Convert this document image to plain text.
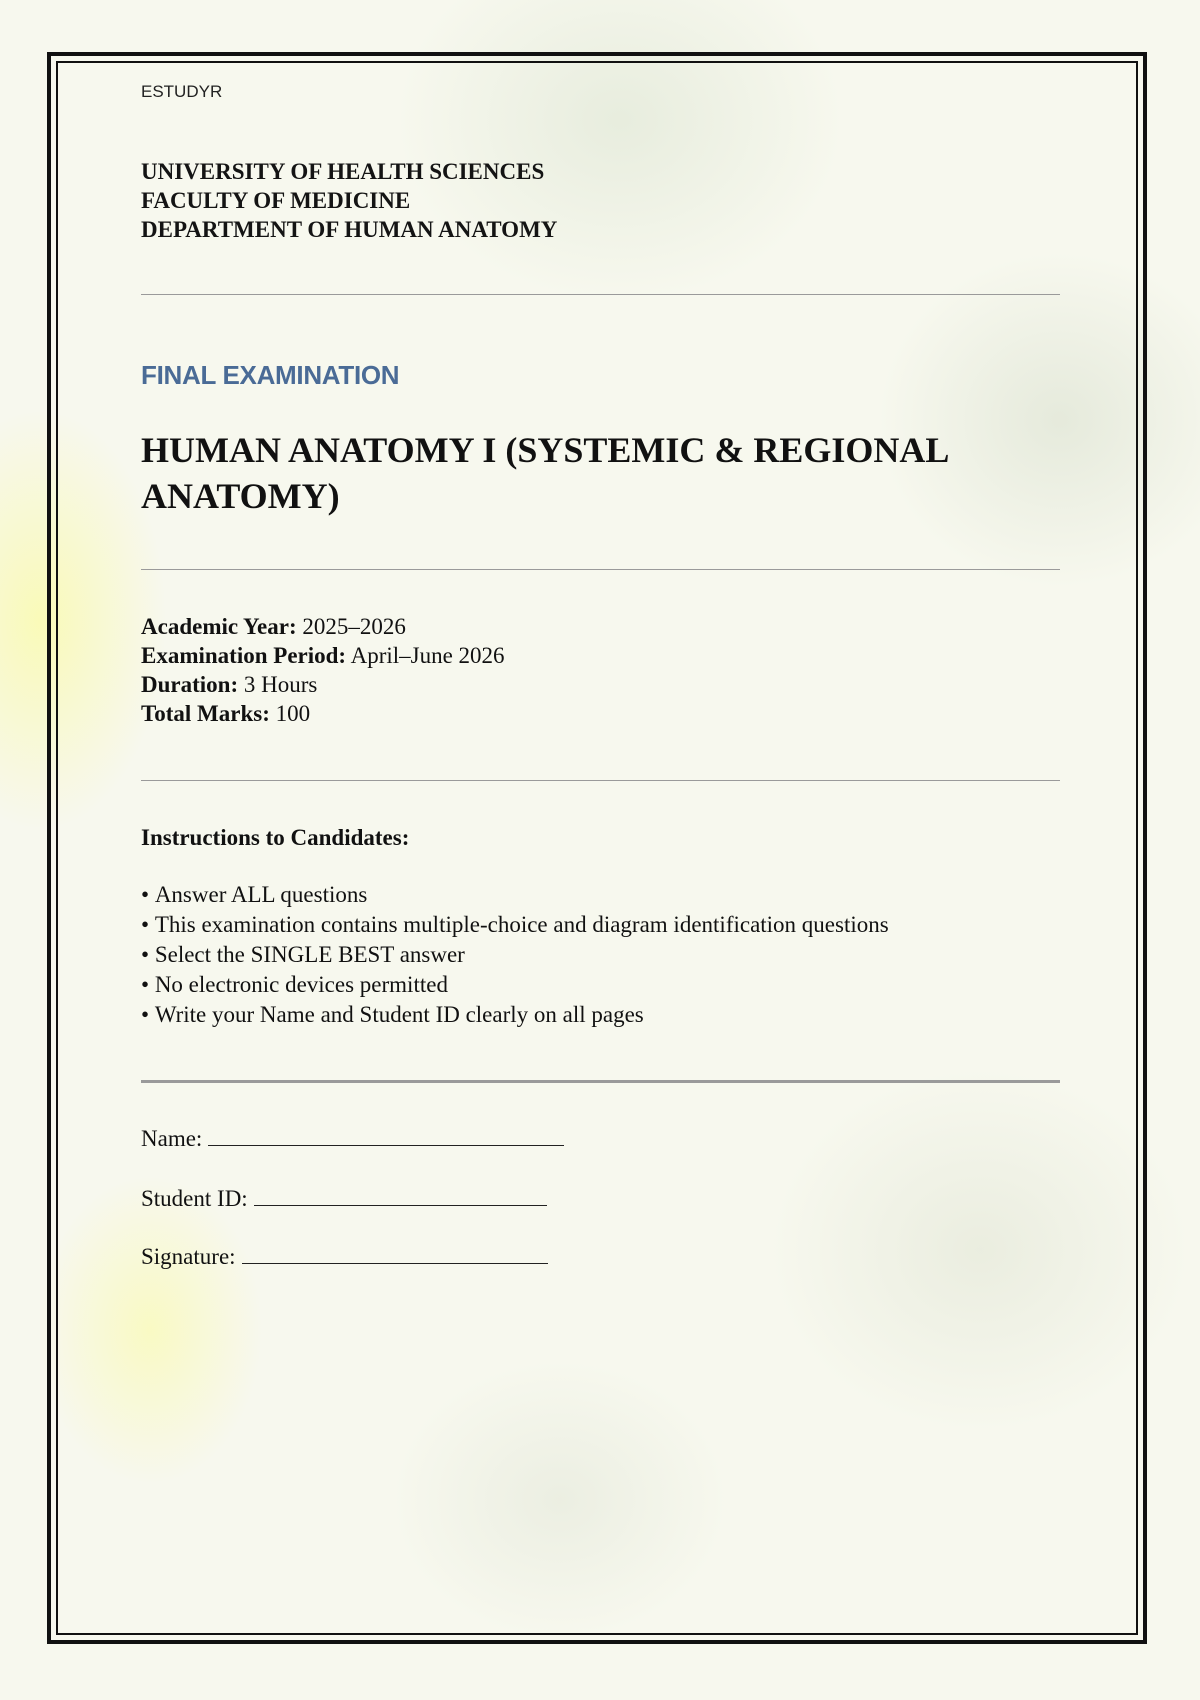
ESTUDYR

UNIVERSITY OF HEALTH SCIENCES
FACULTY OF MEDICINE
DEPARTMENT OF HUMAN ANATOMY

FINAL EXAMINATION

HUMAN ANATOMY I (SYSTEMIC & REGIONAL ANATOMY)
Academic Year: 2025–2026
Examination Period: April–June 2026
Duration: 3 Hours
Total Marks: 100

Instructions to Candidates:

• Answer ALL questions
• This examination contains multiple-choice and diagram identification questions
• Select the SINGLE BEST answer
• No electronic devices permitted
• Write your Name and Student ID clearly on all pages
Name:
Student ID:
Signature:
